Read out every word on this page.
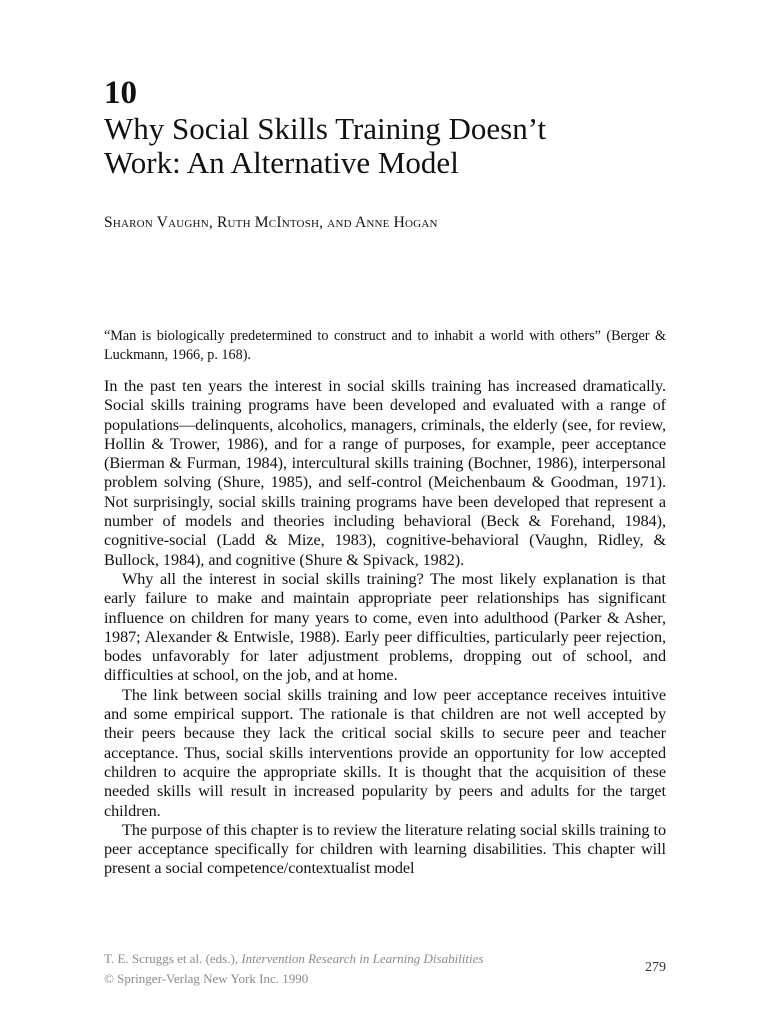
10
Why Social Skills Training Doesn’t
Work: An Alternative Model
Sharon Vaughn, Ruth McIntosh, and Anne Hogan
“Man is biologically predetermined to construct and to inhabit a world with others” (Berger & Luckmann, 1966, p. 168).

In the past ten years the interest in social skills training has increased dramatically. Social skills training programs have been developed and evaluated with a range of populations—delinquents, alcoholics, managers, criminals, the elderly (see, for review, Hollin & Trower, 1986), and for a range of purposes, for example, peer acceptance (Bierman & Furman, 1984), intercultural skills training (Bochner, 1986), interpersonal problem solving (Shure, 1985), and self-control (Meichenbaum & Goodman, 1971). Not surprisingly, social skills training programs have been developed that represent a number of models and theories including behavioral (Beck & Forehand, 1984), cognitive-social (Ladd & Mize, 1983), cognitive-behavioral (Vaughn, Ridley, & Bullock, 1984), and cognitive (Shure & Spivack, 1982).

Why all the interest in social skills training? The most likely explanation is that early failure to make and maintain appropriate peer relationships has significant influence on children for many years to come, even into adulthood (Parker & Asher, 1987; Alexander & Entwisle, 1988). Early peer difficulties, particularly peer rejection, bodes unfavorably for later adjustment problems, dropping out of school, and difficulties at school, on the job, and at home.

The link between social skills training and low peer acceptance receives intuitive and some empirical support. The rationale is that children are not well accepted by their peers because they lack the critical social skills to secure peer and teacher acceptance. Thus, social skills interventions provide an opportunity for low accepted children to acquire the appropriate skills. It is thought that the acquisition of these needed skills will result in increased popularity by peers and adults for the target children.

The purpose of this chapter is to review the literature relating social skills training to peer acceptance specifically for children with learning disabilities. This chapter will present a social competence/contextualist model

T. E. Scruggs et al. (eds.), Intervention Research in Learning Disabilities
© Springer-Verlag New York Inc. 1990
279
